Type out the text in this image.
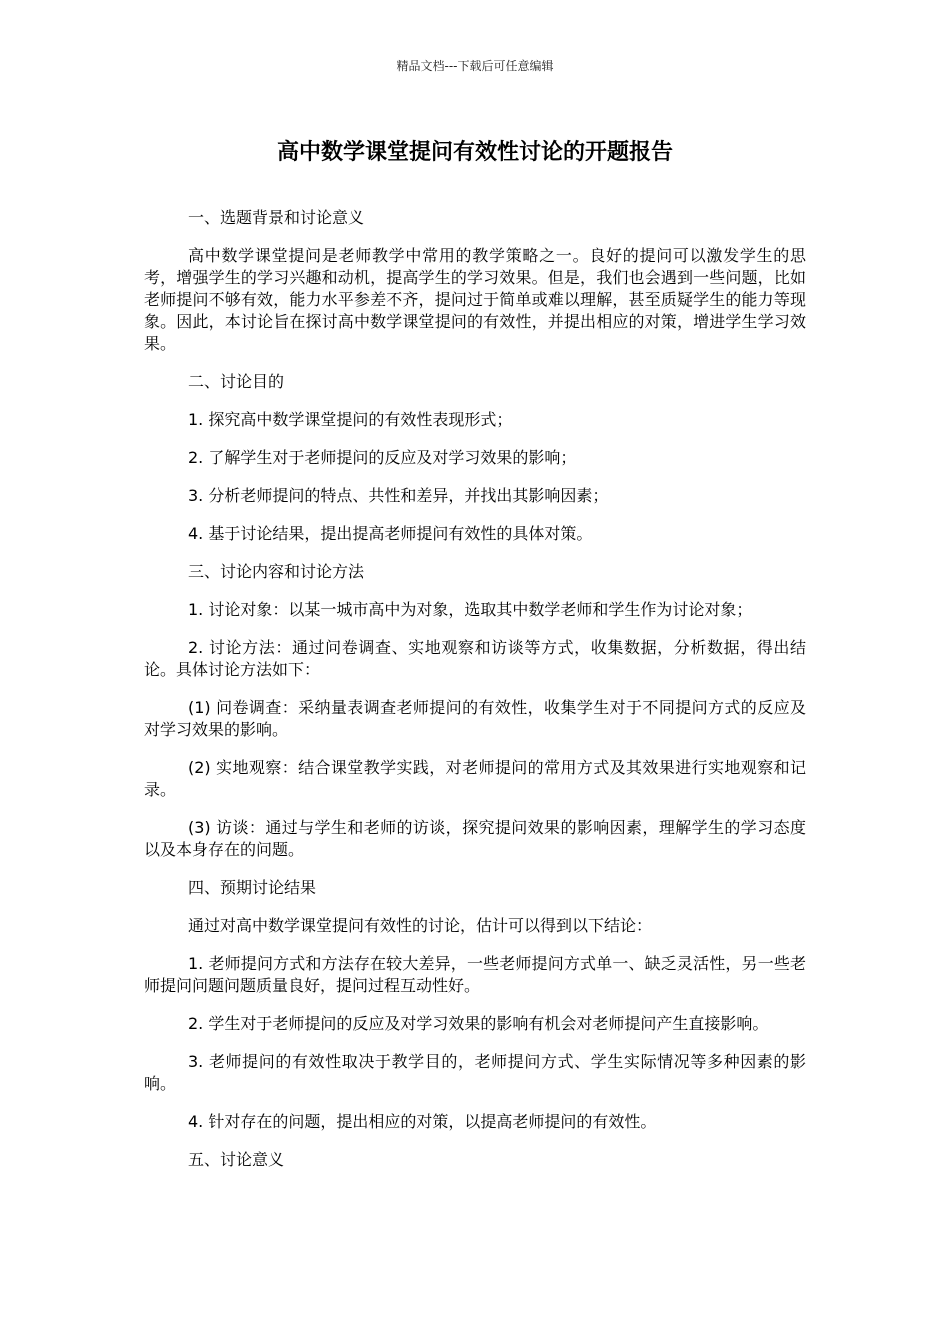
精品文档---下载后可任意编辑
高中数学课堂提问有效性讨论的开题报告

一、选题背景和讨论意义

高中数学课堂提问是老师教学中常用的教学策略之一。良好的提问可以激发学生的思考，增强学生的学习兴趣和动机，提高学生的学习效果。但是，我们也会遇到一些问题，比如老师提问不够有效，能力水平参差不齐，提问过于简单或难以理解，甚至质疑学生的能力等现象。因此，本讨论旨在探讨高中数学课堂提问的有效性，并提出相应的对策，增进学生学习效果。

二、讨论目的

1. 探究高中数学课堂提问的有效性表现形式；

2. 了解学生对于老师提问的反应及对学习效果的影响；

3. 分析老师提问的特点、共性和差异，并找出其影响因素；

4. 基于讨论结果，提出提高老师提问有效性的具体对策。

三、讨论内容和讨论方法

1. 讨论对象：以某一城市高中为对象，选取其中数学老师和学生作为讨论对象；

2. 讨论方法：通过问卷调查、实地观察和访谈等方式，收集数据，分析数据，得出结论。具体讨论方法如下：

(1) 问卷调查：采纳量表调查老师提问的有效性，收集学生对于不同提问方式的反应及对学习效果的影响。

(2) 实地观察：结合课堂教学实践，对老师提问的常用方式及其效果进行实地观察和记录。

(3) 访谈：通过与学生和老师的访谈，探究提问效果的影响因素，理解学生的学习态度以及本身存在的问题。

四、预期讨论结果

通过对高中数学课堂提问有效性的讨论，估计可以得到以下结论：

1. 老师提问方式和方法存在较大差异，一些老师提问方式单一、缺乏灵活性，另一些老师提问问题问题质量良好，提问过程互动性好。

2. 学生对于老师提问的反应及对学习效果的影响有机会对老师提问产生直接影响。

3. 老师提问的有效性取决于教学目的，老师提问方式、学生实际情况等多种因素的影响。

4. 针对存在的问题，提出相应的对策，以提高老师提问的有效性。

五、讨论意义
